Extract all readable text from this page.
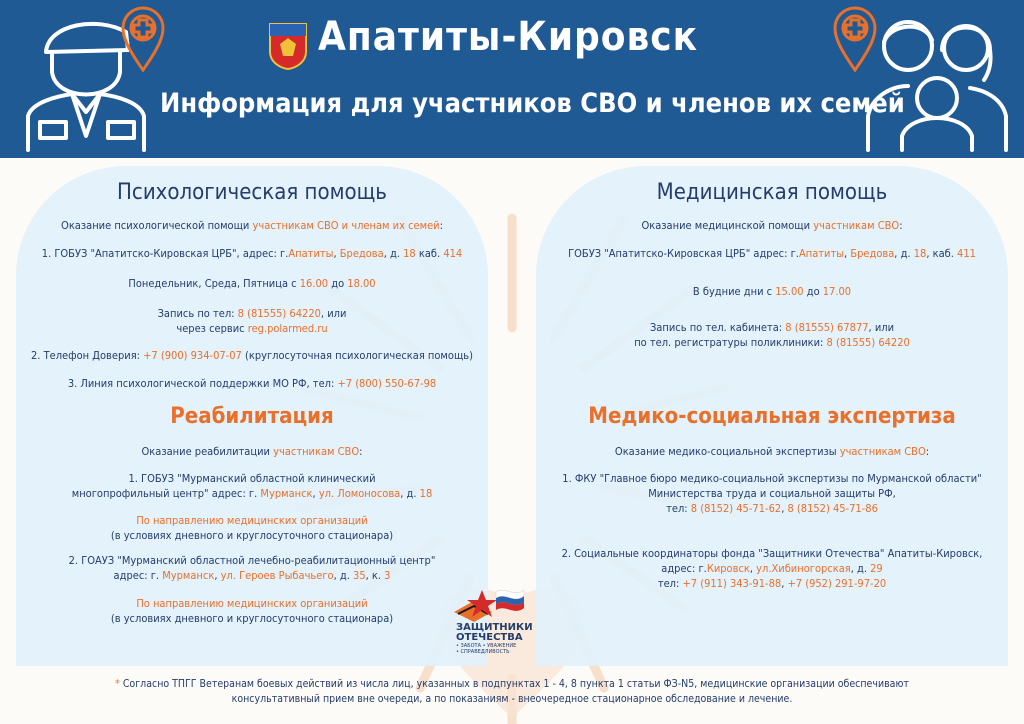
Апатиты-Кировск
Информация для участников СВО и членов их семей
Психологическая помощь
Оказание психологической помощи участникам СВО и членам их семей:
1. ГОБУЗ "Апатитско-Кировская ЦРБ", адрес: г.Апатиты, Бредова, д. 18 каб. 414
Понедельник, Среда, Пятница с 16.00 до 18.00
Запись по тел: 8 (81555) 64220, или
через сервис reg.polarmed.ru
2. Телефон Доверия: +7 (900) 934-07-07 (круглосуточная психологическая помощь)
3. Линия психологической поддержки МО РФ, тел: +7 (800) 550-67-98
Реабилитация
Оказание реабилитации участникам СВО:
1. ГОБУЗ "Мурманский областной клинический
многопрофильный центр" адрес: г. Мурманск, ул. Ломоносова, д. 18
По направлению медицинских организаций
(в условиях дневного и круглосуточного стационара)
2. ГОАУЗ "Мурманский областной лечебно-реабилитационный центр"
адрес: г. Мурманск, ул. Героев Рыбачьего, д. 35, к. 3
По направлению медицинских организаций
(в условиях дневного и круглосуточного стационара)
Медицинская помощь
Оказание медицинской помощи участникам СВО:
ГОБУЗ "Апатитско-Кировская ЦРБ" адрес: г.Апатиты, Бредова, д. 18, каб. 411
В будние дни с 15.00 до 17.00
Запись по тел. кабинета: 8 (81555) 67877, или
по тел. регистратуры поликлиники: 8 (81555) 64220
Медико-социальная экспертиза
Оказание медико-социальной экспертизы участникам СВО:
1. ФКУ "Главное бюро медико-социальной экспертизы по Мурманской области"
Министерства труда и социальной защиты РФ,
тел: 8 (8152) 45-71-62, 8 (8152) 45-71-86
2. Социальные координаторы фонда "Защитники Отечества" Апатиты-Кировск,
адрес: г.Кировск, ул.Хибиногорская, д. 29
тел: +7 (911) 343-91-88, +7 (952) 291-97-20
ЗАЩИТНИКИ
ОТЕЧЕСТВА
• ЗАБОТА • УВАЖЕНИЕ
• СПРАВЕДЛИВОСТЬ
* Согласно ТПГГ Ветеранам боевых действий из числа лиц, указанных в подпунктах 1 - 4, 8 пункта 1 статьи ФЗ-N5, медицинские организации обеспечивают
консультативный прием вне очереди, а по показаниям - внеочередное стационарное обследование и лечение.
